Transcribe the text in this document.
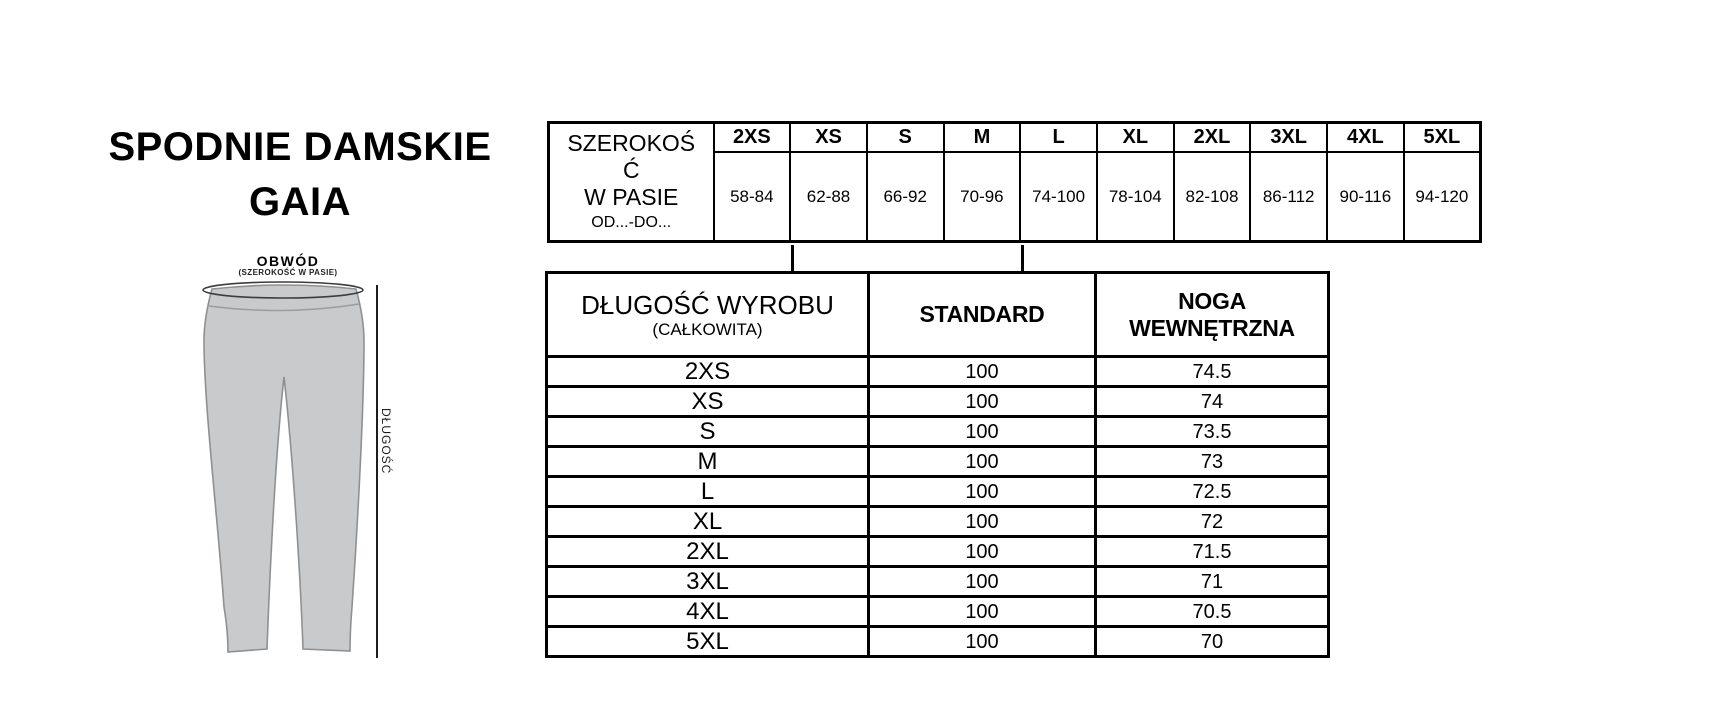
SPODNIE DAMSKIE
GAIA
OBWÓD
(SZEROKOŚĆ W PASIE)
DŁUGOŚĆ
SZEROKOŚ
Ć
W PASIE
OD...-DO...	2XS	XS	S	M	L	XL	2XL	3XL	4XL	5XL
	58-84	62-88	66-92	70-96	74-100	78-104	82-108	86-112	90-116	94-120
DŁUGOŚĆ WYROBU
(CAŁKOWITA)	STANDARD	NOGA WEWNĘTRZNA
2XS	100	74.5
XS	100	74
S	100	73.5
M	100	73
L	100	72.5
XL	100	72
2XL	100	71.5
3XL	100	71
4XL	100	70.5
5XL	100	70
